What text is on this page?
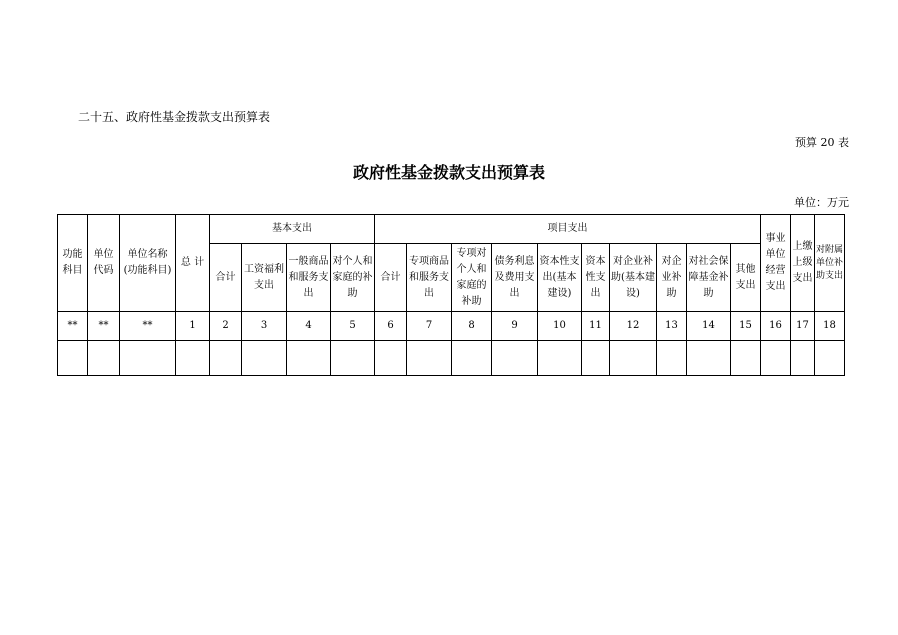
二十五、政府性基金拨款支出预算表
预算 20 表
政府性基金拨款支出预算表
单位：万元
功能科目	单位代码	单位名称(功能科目)	总 计	基本支出				项目支出										事业单位经营支出	上缴上级支出	对附属单位补助支出
				合计	工资福利支出	一般商品和服务支出	对个人和家庭的补助	合计	专项商品和服务支出	专项对个人和家庭的补助	债务利息及费用支出	资本性支出(基本建设)	资本性支出	对企业补助(基本建设)	对企业补助	对社会保障基金补助	其他支出			
**	**	**	1	2	3	4	5	6	7	8	9	10	11	12	13	14	15	16	17	18
